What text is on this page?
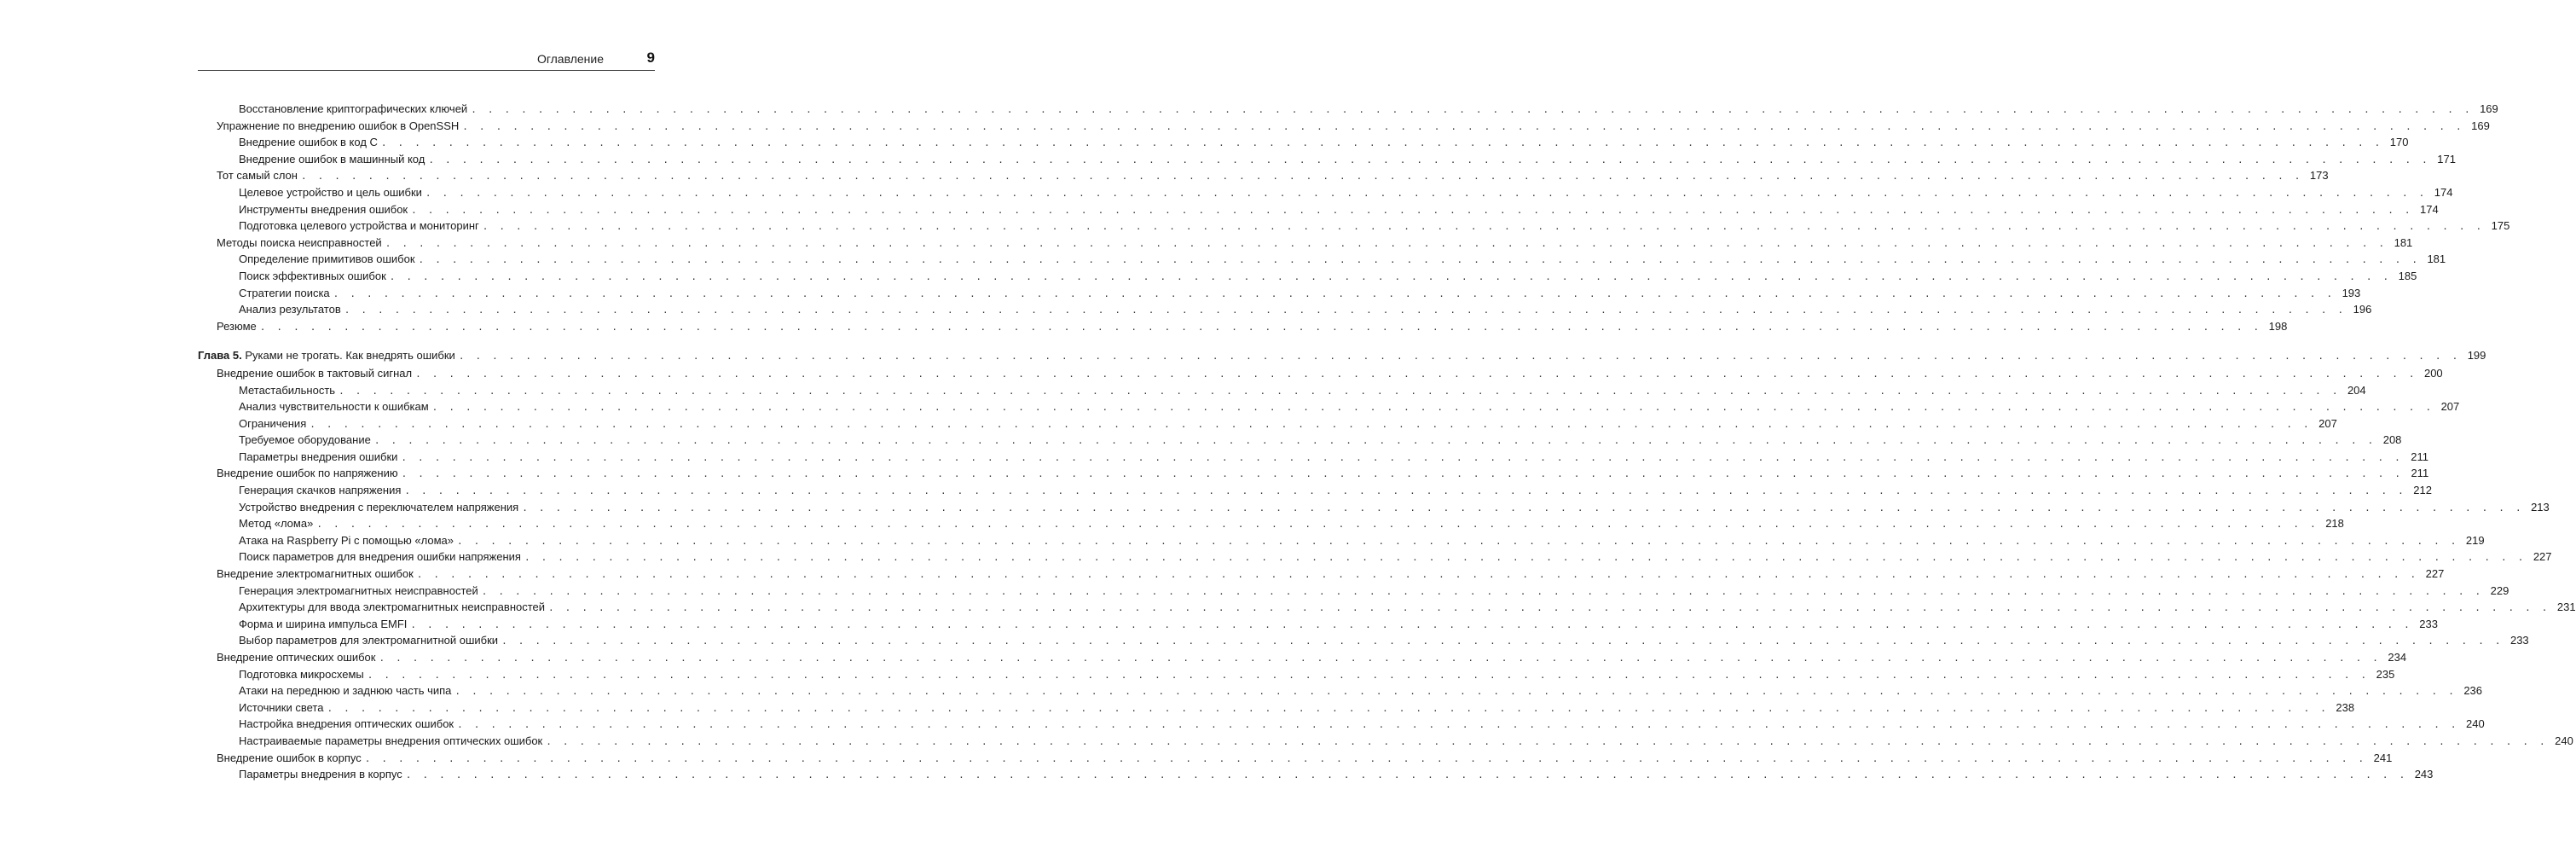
Оглавление	9
Восстановление криптографических ключей . . . . . . . . . . . . . . . . . . . . . . . . . . . . . . . . . . . . . . . . . . . . . . . . . . . . . . . . . . . . . . . . . . . . . . . . . . . . . . . . . . . . . . . . . . . . . . . . . . . . . . . . . . . . . . . . . . . . . . . . 169
Упражнение по внедрению ошибок в OpenSSH . . . . . . . . . . . . . . . . . . . . . . . . . . . . . . . . . . . . . . . . . . . . . . . . . . . . . . . . . . . . . . . . . . . . . . . . . . . . . . . . . . . . . . . . . . . . . . . . . . . . . . . . . . . . . . . . . . . . . . . . 169
Внедрение ошибок в код C . . . . . . . . . . . . . . . . . . . . . . . . . . . . . . . . . . . . . . . . . . . . . . . . . . . . . . . . . . . . . . . . . . . . . . . . . . . . . . . . . . . . . . . . . . . . . . . . . . . . . . . . . . . . . . . . . . . . . . . . 170
Внедрение ошибок в машинный код . . . . . . . . . . . . . . . . . . . . . . . . . . . . . . . . . . . . . . . . . . . . . . . . . . . . . . . . . . . . . . . . . . . . . . . . . . . . . . . . . . . . . . . . . . . . . . . . . . . . . . . . . . . . . . . . . . . . . . . . 171
Тот самый слон . . . . . . . . . . . . . . . . . . . . . . . . . . . . . . . . . . . . . . . . . . . . . . . . . . . . . . . . . . . . . . . . . . . . . . . . . . . . . . . . . . . . . . . . . . . . . . . . . . . . . . . . . . . . . . . . . . . . . . . . 173
Целевое устройство и цель ошибки . . . . . . . . . . . . . . . . . . . . . . . . . . . . . . . . . . . . . . . . . . . . . . . . . . . . . . . . . . . . . . . . . . . . . . . . . . . . . . . . . . . . . . . . . . . . . . . . . . . . . . . . . . . . . . . . . . . . . . . . 174
Инструменты внедрения ошибок . . . . . . . . . . . . . . . . . . . . . . . . . . . . . . . . . . . . . . . . . . . . . . . . . . . . . . . . . . . . . . . . . . . . . . . . . . . . . . . . . . . . . . . . . . . . . . . . . . . . . . . . . . . . . . . . . . . . . . . . 174
Подготовка целевого устройства и мониторинг . . . . . . . . . . . . . . . . . . . . . . . . . . . . . . . . . . . . . . . . . . . . . . . . . . . . . . . . . . . . . . . . . . . . . . . . . . . . . . . . . . . . . . . . . . . . . . . . . . . . . . . . . . . . . . . . . . . . . . . . 175
Методы поиска неисправностей . . . . . . . . . . . . . . . . . . . . . . . . . . . . . . . . . . . . . . . . . . . . . . . . . . . . . . . . . . . . . . . . . . . . . . . . . . . . . . . . . . . . . . . . . . . . . . . . . . . . . . . . . . . . . . . . . . . . . . . . 181
Определение примитивов ошибок . . . . . . . . . . . . . . . . . . . . . . . . . . . . . . . . . . . . . . . . . . . . . . . . . . . . . . . . . . . . . . . . . . . . . . . . . . . . . . . . . . . . . . . . . . . . . . . . . . . . . . . . . . . . . . . . . . . . . . . . 181
Поиск эффективных ошибок . . . . . . . . . . . . . . . . . . . . . . . . . . . . . . . . . . . . . . . . . . . . . . . . . . . . . . . . . . . . . . . . . . . . . . . . . . . . . . . . . . . . . . . . . . . . . . . . . . . . . . . . . . . . . . . . . . . . . . . . 185
Стратегии поиска . . . . . . . . . . . . . . . . . . . . . . . . . . . . . . . . . . . . . . . . . . . . . . . . . . . . . . . . . . . . . . . . . . . . . . . . . . . . . . . . . . . . . . . . . . . . . . . . . . . . . . . . . . . . . . . . . . . . . . . . 193
Анализ результатов . . . . . . . . . . . . . . . . . . . . . . . . . . . . . . . . . . . . . . . . . . . . . . . . . . . . . . . . . . . . . . . . . . . . . . . . . . . . . . . . . . . . . . . . . . . . . . . . . . . . . . . . . . . . . . . . . . . . . . . . 196
Резюме . . . . . . . . . . . . . . . . . . . . . . . . . . . . . . . . . . . . . . . . . . . . . . . . . . . . . . . . . . . . . . . . . . . . . . . . . . . . . . . . . . . . . . . . . . . . . . . . . . . . . . . . . . . . . . . . . . . . . . . . 198
Глава 5. Руками не трогать. Как внедрять ошибки . . . . . . . . . . . . . . . . . . . . . . . . . . . . . . . . . . . . . . . . . . . . . . . . . . . . . . . . . . . . . . . . . . . . . . . . . . . . . . . . . . . . . . . . . . . . . . . . . . . . . . . . . . . . . . . . . . . . . . . . 199
Внедрение ошибок в тактовый сигнал . . . . . . . . . . . . . . . . . . . . . . . . . . . . . . . . . . . . . . . . . . . . . . . . . . . . . . . . . . . . . . . . . . . . . . . . . . . . . . . . . . . . . . . . . . . . . . . . . . . . . . . . . . . . . . . . . . . . . . . . 200
Метастабильность . . . . . . . . . . . . . . . . . . . . . . . . . . . . . . . . . . . . . . . . . . . . . . . . . . . . . . . . . . . . . . . . . . . . . . . . . . . . . . . . . . . . . . . . . . . . . . . . . . . . . . . . . . . . . . . . . . . . . . . . 204
Анализ чувствительности к ошибкам . . . . . . . . . . . . . . . . . . . . . . . . . . . . . . . . . . . . . . . . . . . . . . . . . . . . . . . . . . . . . . . . . . . . . . . . . . . . . . . . . . . . . . . . . . . . . . . . . . . . . . . . . . . . . . . . . . . . . . . . 207
Ограничения . . . . . . . . . . . . . . . . . . . . . . . . . . . . . . . . . . . . . . . . . . . . . . . . . . . . . . . . . . . . . . . . . . . . . . . . . . . . . . . . . . . . . . . . . . . . . . . . . . . . . . . . . . . . . . . . . . . . . . . . 207
Требуемое оборудование . . . . . . . . . . . . . . . . . . . . . . . . . . . . . . . . . . . . . . . . . . . . . . . . . . . . . . . . . . . . . . . . . . . . . . . . . . . . . . . . . . . . . . . . . . . . . . . . . . . . . . . . . . . . . . . . . . . . . . . . 208
Параметры внедрения ошибки . . . . . . . . . . . . . . . . . . . . . . . . . . . . . . . . . . . . . . . . . . . . . . . . . . . . . . . . . . . . . . . . . . . . . . . . . . . . . . . . . . . . . . . . . . . . . . . . . . . . . . . . . . . . . . . . . . . . . . . . 211
Внедрение ошибок по напряжению . . . . . . . . . . . . . . . . . . . . . . . . . . . . . . . . . . . . . . . . . . . . . . . . . . . . . . . . . . . . . . . . . . . . . . . . . . . . . . . . . . . . . . . . . . . . . . . . . . . . . . . . . . . . . . . . . . . . . . . . 211
Генерация скачков напряжения . . . . . . . . . . . . . . . . . . . . . . . . . . . . . . . . . . . . . . . . . . . . . . . . . . . . . . . . . . . . . . . . . . . . . . . . . . . . . . . . . . . . . . . . . . . . . . . . . . . . . . . . . . . . . . . . . . . . . . . . 212
Устройство внедрения с переключателем напряжения . . . . . . . . . . . . . . . . . . . . . . . . . . . . . . . . . . . . . . . . . . . . . . . . . . . . . . . . . . . . . . . . . . . . . . . . . . . . . . . . . . . . . . . . . . . . . . . . . . . . . . . . . . . . . . . . . . . . . . . . 213
Метод «лома» . . . . . . . . . . . . . . . . . . . . . . . . . . . . . . . . . . . . . . . . . . . . . . . . . . . . . . . . . . . . . . . . . . . . . . . . . . . . . . . . . . . . . . . . . . . . . . . . . . . . . . . . . . . . . . . . . . . . . . . . 218
Атака на Raspberry Pi с помощью «лома» . . . . . . . . . . . . . . . . . . . . . . . . . . . . . . . . . . . . . . . . . . . . . . . . . . . . . . . . . . . . . . . . . . . . . . . . . . . . . . . . . . . . . . . . . . . . . . . . . . . . . . . . . . . . . . . . . . . . . . . . 219
Поиск параметров для внедрения ошибки напряжения . . . . . . . . . . . . . . . . . . . . . . . . . . . . . . . . . . . . . . . . . . . . . . . . . . . . . . . . . . . . . . . . . . . . . . . . . . . . . . . . . . . . . . . . . . . . . . . . . . . . . . . . . . . . . . . . . . . . . . . . 227
Внедрение электромагнитных ошибок . . . . . . . . . . . . . . . . . . . . . . . . . . . . . . . . . . . . . . . . . . . . . . . . . . . . . . . . . . . . . . . . . . . . . . . . . . . . . . . . . . . . . . . . . . . . . . . . . . . . . . . . . . . . . . . . . . . . . . . . 227
Генерация электромагнитных неисправностей . . . . . . . . . . . . . . . . . . . . . . . . . . . . . . . . . . . . . . . . . . . . . . . . . . . . . . . . . . . . . . . . . . . . . . . . . . . . . . . . . . . . . . . . . . . . . . . . . . . . . . . . . . . . . . . . . . . . . . . . 229
Архитектуры для ввода электромагнитных неисправностей . . . . . . . . . . . . . . . . . . . . . . . . . . . . . . . . . . . . . . . . . . . . . . . . . . . . . . . . . . . . . . . . . . . . . . . . . . . . . . . . . . . . . . . . . . . . . . . . . . . . . . . . . . . . . . . . . . . . . . . . 231
Форма и ширина импульса EMFI . . . . . . . . . . . . . . . . . . . . . . . . . . . . . . . . . . . . . . . . . . . . . . . . . . . . . . . . . . . . . . . . . . . . . . . . . . . . . . . . . . . . . . . . . . . . . . . . . . . . . . . . . . . . . . . . . . . . . . . . 233
Выбор параметров для электромагнитной ошибки . . . . . . . . . . . . . . . . . . . . . . . . . . . . . . . . . . . . . . . . . . . . . . . . . . . . . . . . . . . . . . . . . . . . . . . . . . . . . . . . . . . . . . . . . . . . . . . . . . . . . . . . . . . . . . . . . . . . . . . . 233
Внедрение оптических ошибок . . . . . . . . . . . . . . . . . . . . . . . . . . . . . . . . . . . . . . . . . . . . . . . . . . . . . . . . . . . . . . . . . . . . . . . . . . . . . . . . . . . . . . . . . . . . . . . . . . . . . . . . . . . . . . . . . . . . . . . . 234
Подготовка микросхемы . . . . . . . . . . . . . . . . . . . . . . . . . . . . . . . . . . . . . . . . . . . . . . . . . . . . . . . . . . . . . . . . . . . . . . . . . . . . . . . . . . . . . . . . . . . . . . . . . . . . . . . . . . . . . . . . . . . . . . . . 235
Атаки на переднюю и заднюю часть чипа . . . . . . . . . . . . . . . . . . . . . . . . . . . . . . . . . . . . . . . . . . . . . . . . . . . . . . . . . . . . . . . . . . . . . . . . . . . . . . . . . . . . . . . . . . . . . . . . . . . . . . . . . . . . . . . . . . . . . . . . 236
Источники света . . . . . . . . . . . . . . . . . . . . . . . . . . . . . . . . . . . . . . . . . . . . . . . . . . . . . . . . . . . . . . . . . . . . . . . . . . . . . . . . . . . . . . . . . . . . . . . . . . . . . . . . . . . . . . . . . . . . . . . . 238
Настройка внедрения оптических ошибок . . . . . . . . . . . . . . . . . . . . . . . . . . . . . . . . . . . . . . . . . . . . . . . . . . . . . . . . . . . . . . . . . . . . . . . . . . . . . . . . . . . . . . . . . . . . . . . . . . . . . . . . . . . . . . . . . . . . . . . . 240
Настраиваемые параметры внедрения оптических ошибок . . . . . . . . . . . . . . . . . . . . . . . . . . . . . . . . . . . . . . . . . . . . . . . . . . . . . . . . . . . . . . . . . . . . . . . . . . . . . . . . . . . . . . . . . . . . . . . . . . . . . . . . . . . . . . . . . . . . . . . . 240
Внедрение ошибок в корпус . . . . . . . . . . . . . . . . . . . . . . . . . . . . . . . . . . . . . . . . . . . . . . . . . . . . . . . . . . . . . . . . . . . . . . . . . . . . . . . . . . . . . . . . . . . . . . . . . . . . . . . . . . . . . . . . . . . . . . . . 241
Параметры внедрения в корпус . . . . . . . . . . . . . . . . . . . . . . . . . . . . . . . . . . . . . . . . . . . . . . . . . . . . . . . . . . . . . . . . . . . . . . . . . . . . . . . . . . . . . . . . . . . . . . . . . . . . . . . . . . . . . . . . . . . . . . . . 243
